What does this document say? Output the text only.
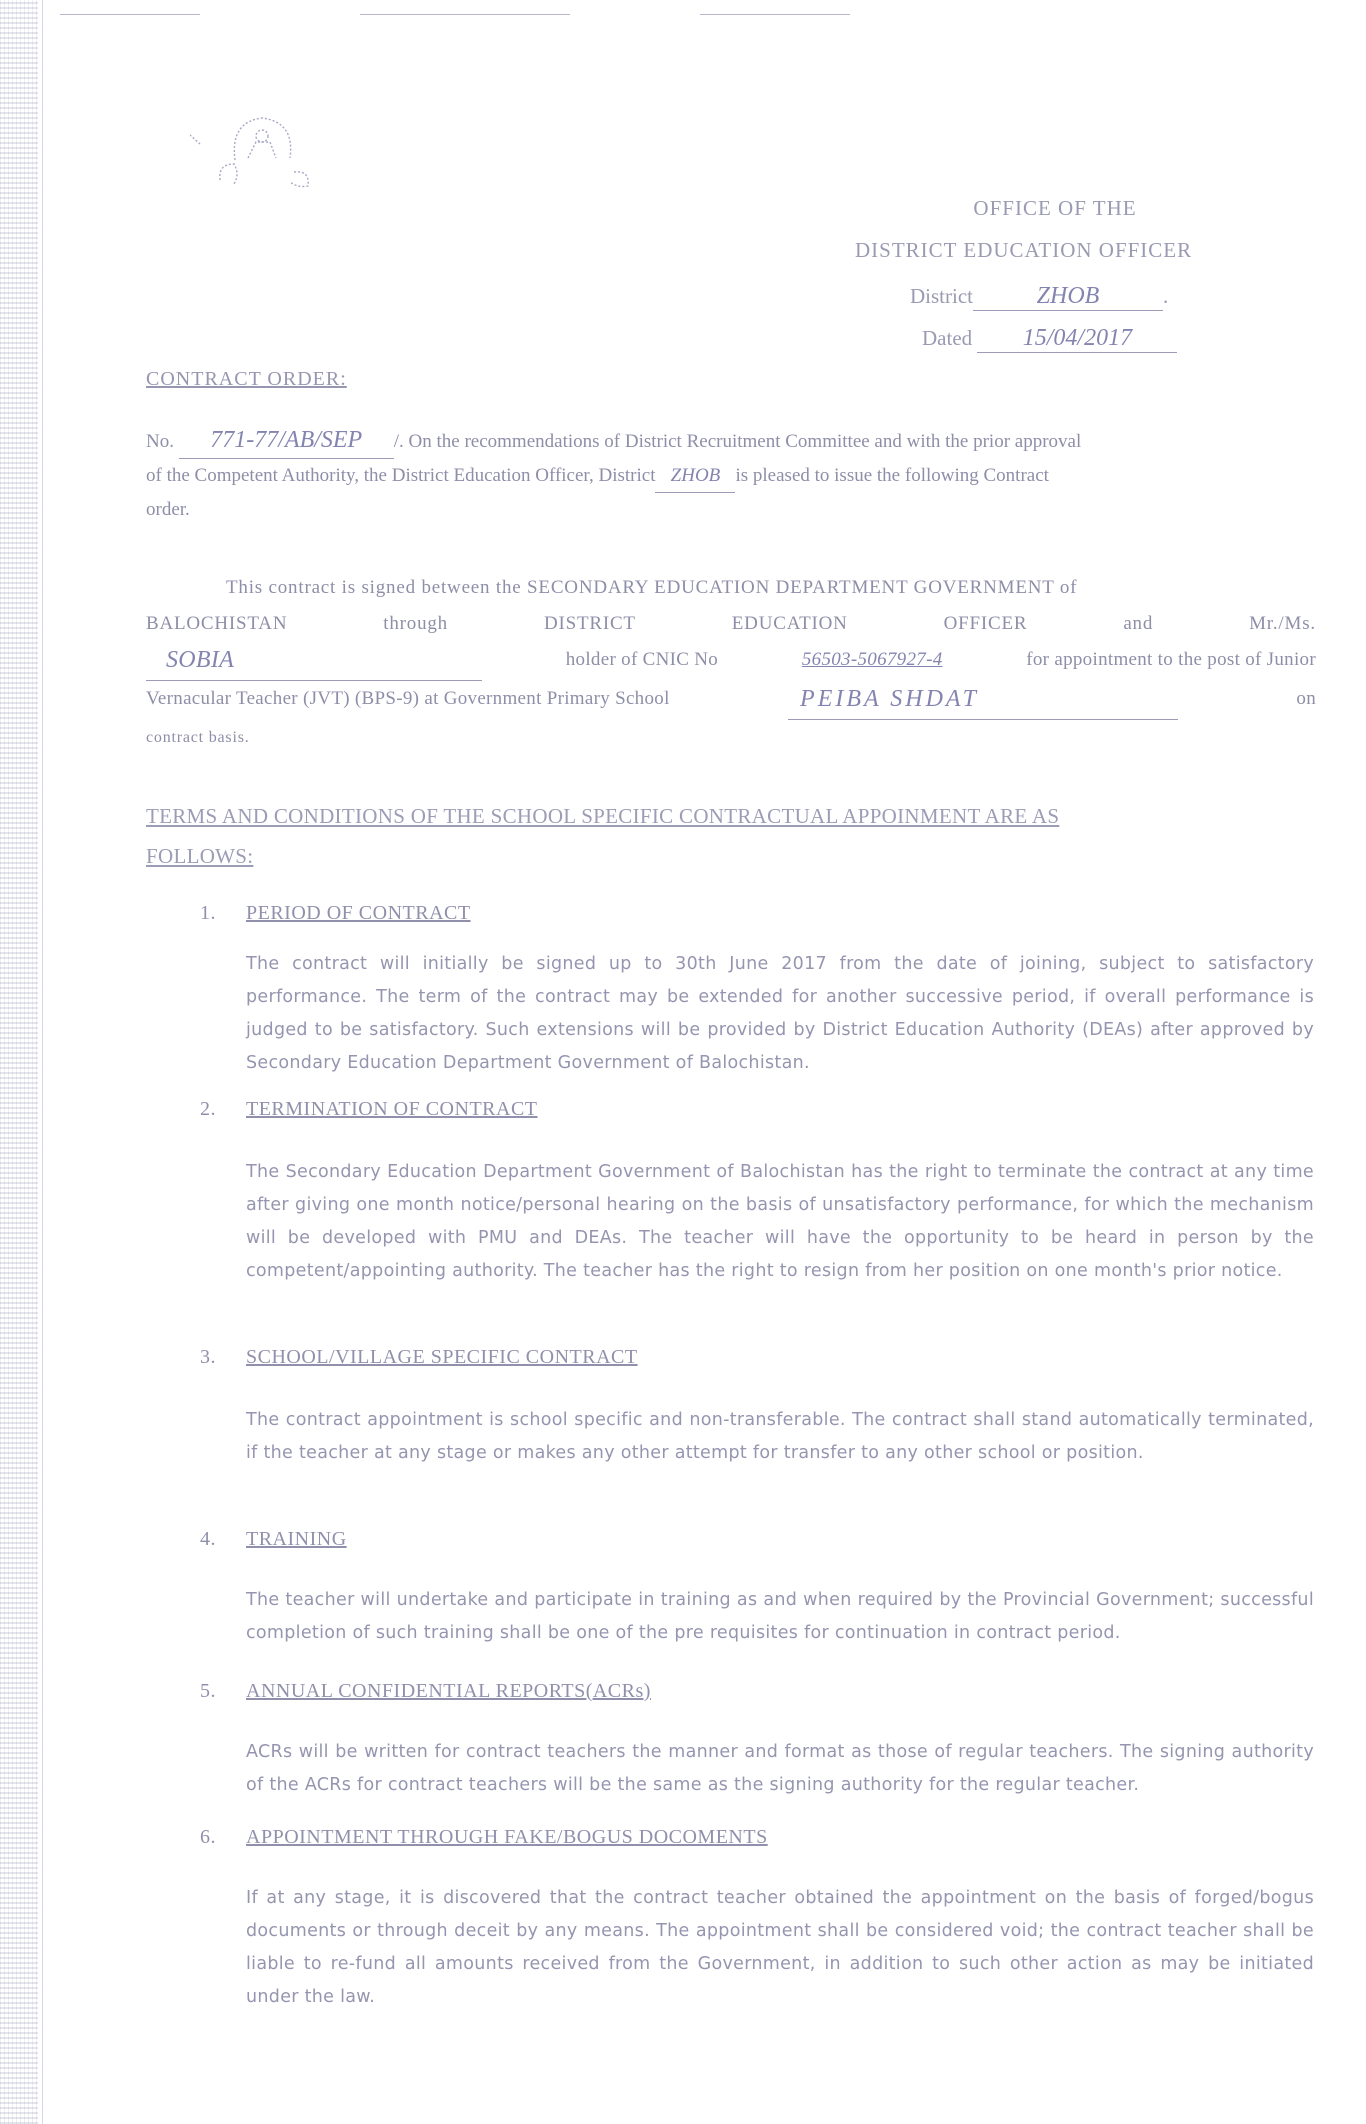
OFFICE OF THE
DISTRICT EDUCATION OFFICER
District	ZHOB	.
Dated 15/04/2017
CONTRACT ORDER:
No. 771-77/AB/SEP /. On the recommendations of District Recruitment Committee and with the prior approval
of the Competent Authority, the District Education Officer, District ZHOB is pleased to issue the following Contract
order.
This contract is signed between the SECONDARY EDUCATION DEPARTMENT GOVERNMENT of
BALOCHISTAN	through	DISTRICT	EDUCATION	OFFICER	and	Mr./Ms.
SOBIA	holder of CNIC No	56503-5067927-4	for appointment to the post of Junior
Vernacular Teacher (JVT) (BPS-9) at Government Primary School	PEIBA SHDAT	on
contract basis.
TERMS AND CONDITIONS OF THE SCHOOL SPECIFIC CONTRACTUAL APPOINMENT ARE AS
FOLLOWS:
1. PERIOD OF CONTRACT
The contract will initially be signed up to 30th June 2017 from the date of joining, subject to satisfactory performance. The term of the contract may be extended for another successive period, if overall performance is judged to be satisfactory. Such extensions will be provided by District Education Authority (DEAs) after approved by Secondary Education Department Government of Balochistan.
2. TERMINATION OF CONTRACT
The Secondary Education Department Government of Balochistan has the right to terminate the contract at any time after giving one month notice/personal hearing on the basis of unsatisfactory performance, for which the mechanism will be developed with PMU and DEAs. The teacher will have the opportunity to be heard in person by the competent/appointing authority. The teacher has the right to resign from her position on one month's prior notice.
3. SCHOOL/VILLAGE SPECIFIC CONTRACT
The contract appointment is school specific and non-transferable. The contract shall stand automatically terminated, if the teacher at any stage or makes any other attempt for transfer to any other school or position.
4. TRAINING
The teacher will undertake and participate in training as and when required by the Provincial Government; successful completion of such training shall be one of the pre requisites for continuation in contract period.
5. ANNUAL CONFIDENTIAL REPORTS(ACRs)
ACRs will be written for contract teachers the manner and format as those of regular teachers. The signing authority of the ACRs for contract teachers will be the same as the signing authority for the regular teacher.
6. APPOINTMENT THROUGH FAKE/BOGUS DOCOMENTS
If at any stage, it is discovered that the contract teacher obtained the appointment on the basis of forged/bogus documents or through deceit by any means. The appointment shall be considered void; the contract teacher shall be liable to re-fund all amounts received from the Government, in addition to such other action as may be initiated under the law.
